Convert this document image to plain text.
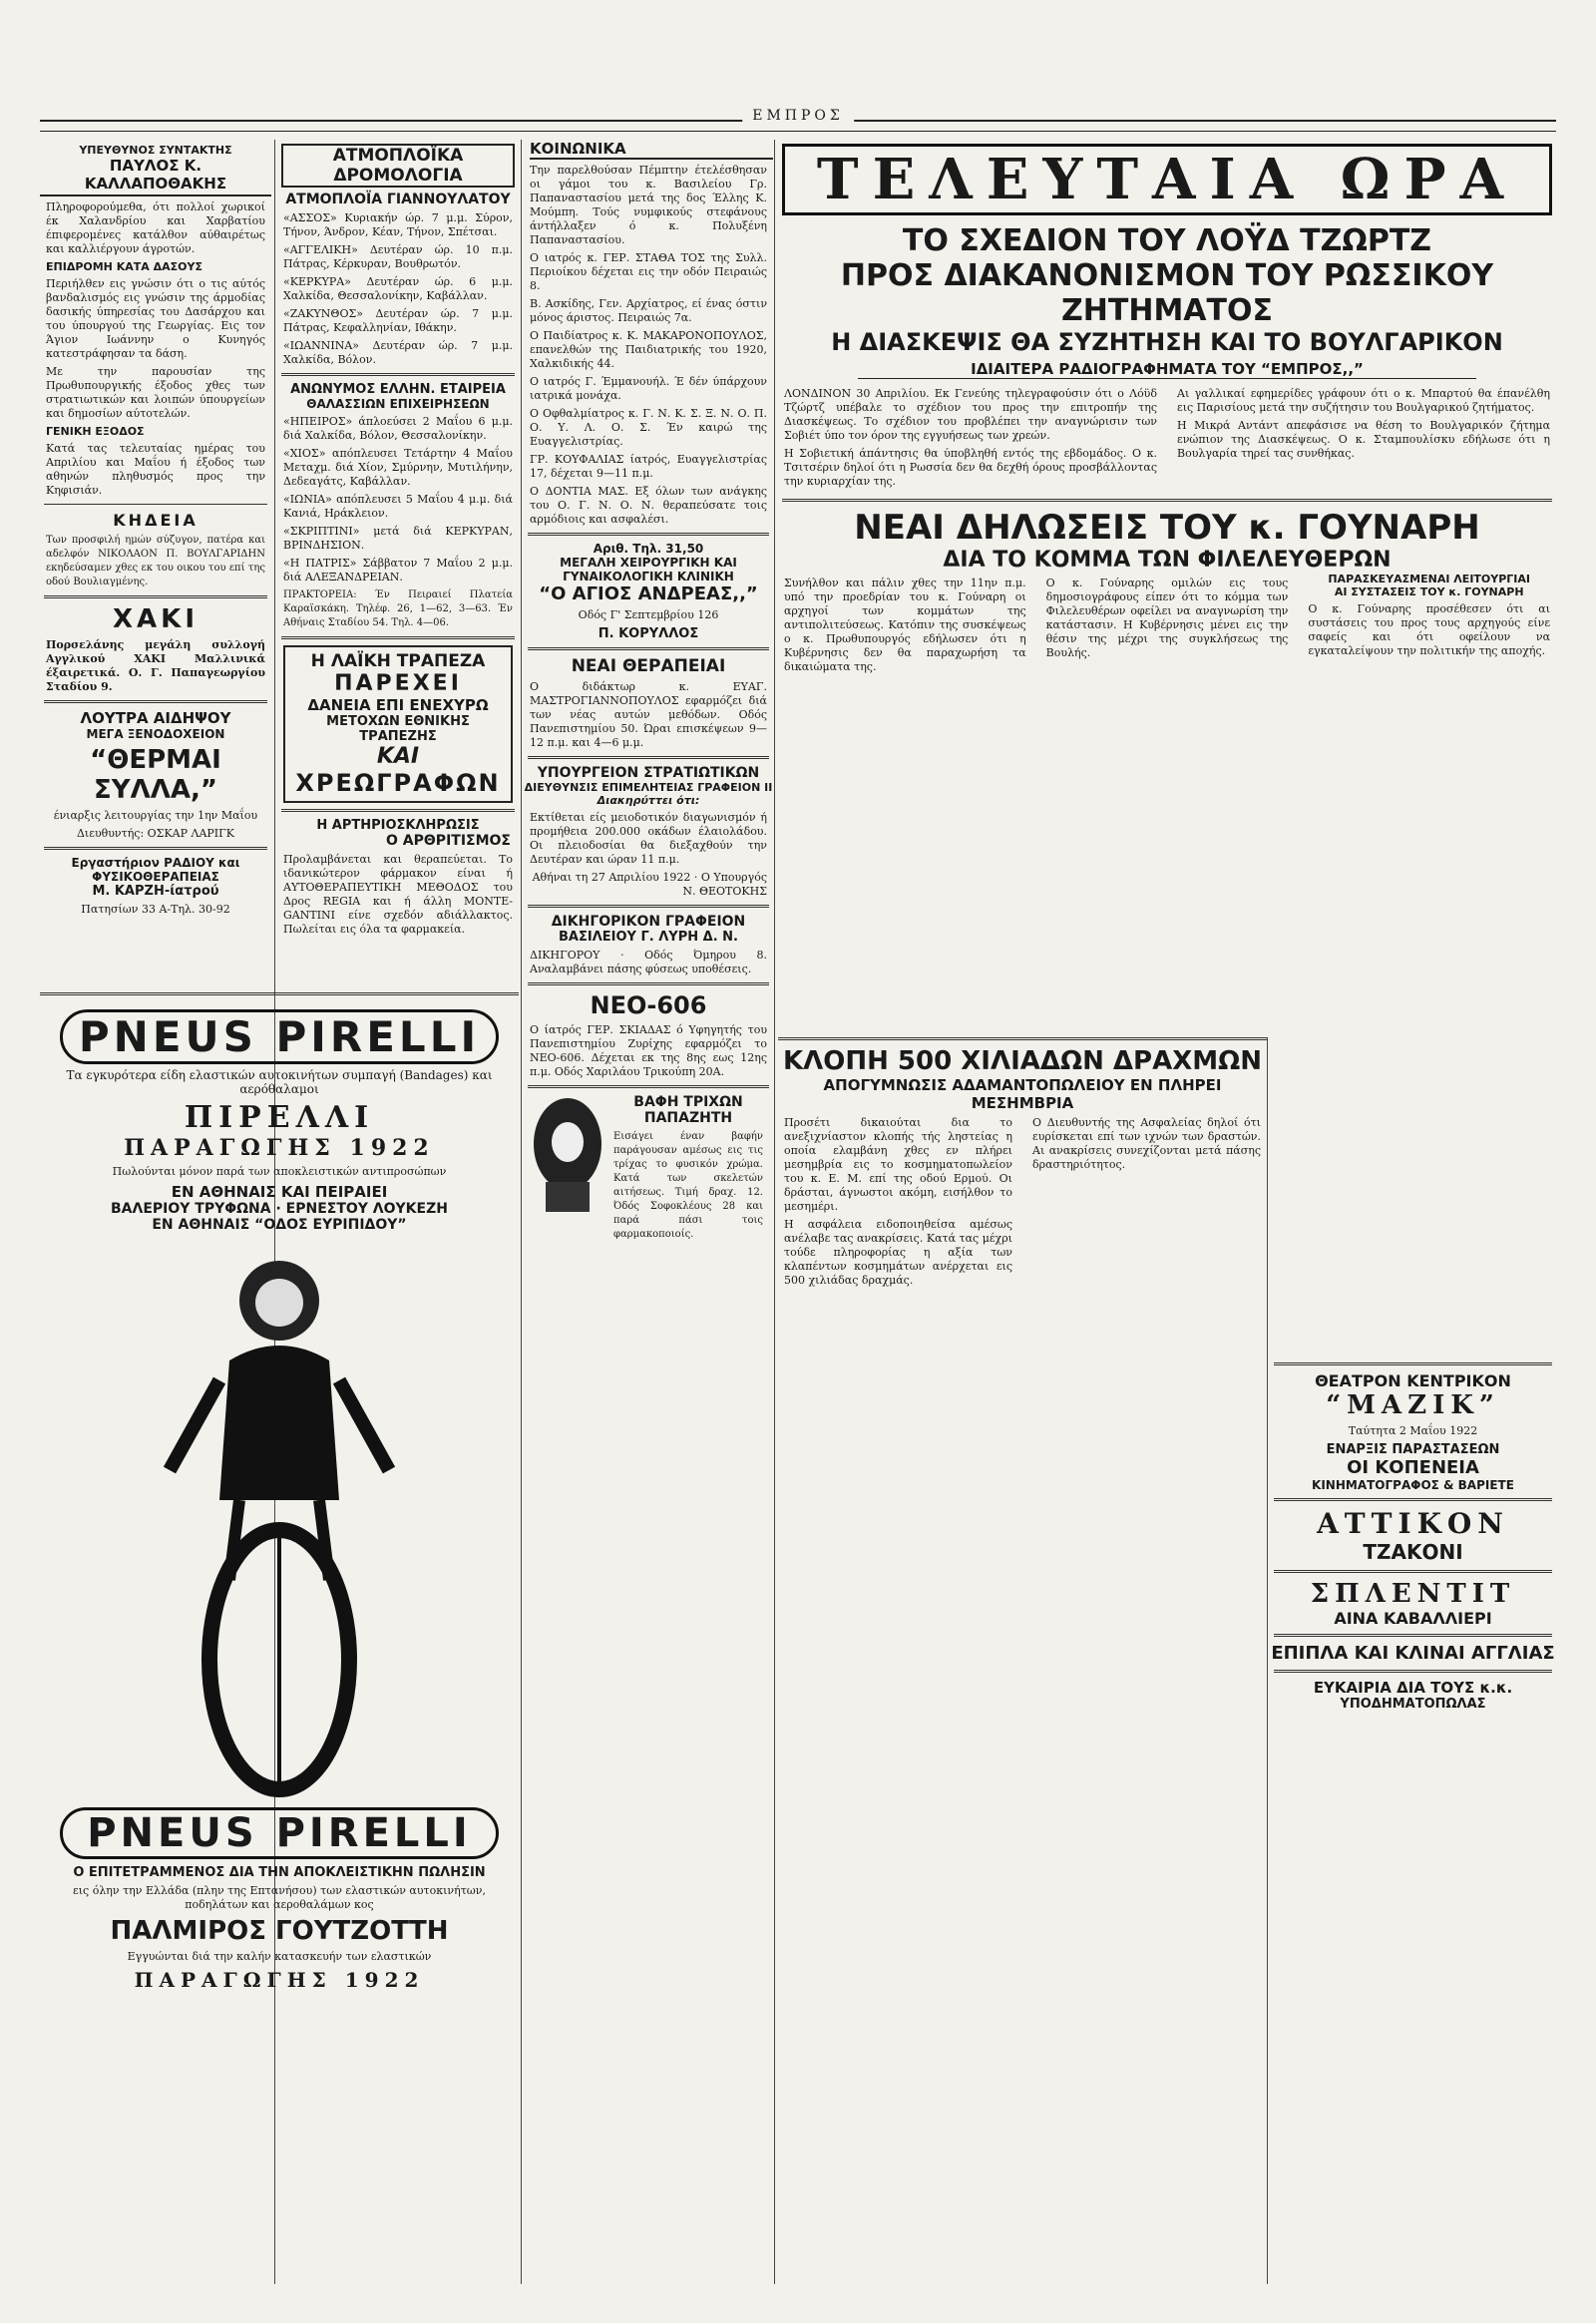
ΕΜΠΡΟΣ
ΥΠΕΥΘΥΝΟΣ ΣΥΝΤΑΚΤΗΣ
ΠΑΥΛΟΣ Κ. ΚΑΛΛΑΠΟΘΑΚΗΣ
Πληροφορούμεθα, ότι πολλοί χωρικοί έκ Χαλανδρίου και Χαρβατίου έπιφερομένες κατάλθον αύθαιρέτως και καλλιέργουν άγροτών.
ΕΠΙΔΡΟΜΗ ΚΑΤΑ ΔΑΣΟΥΣ
Περιήλθεν εις γνώσιν ότι ο τις αύτός βανδαλισμός εις γνώσιν της άρμοδίας δασικής ύπηρεσίας του Δασάρχου και του ύπουργού της Γεωργίας. Εις τον Άγιον Ιωάννην ο Κυνηγός κατεστράφησαν τα δάση.
Με την παρουσίαν της Πρωθυπουργικής έξοδος χθες των στρατιωτικών και λοιπών ύπουργείων και δημοσίων αύτοτελών.
ΓΕΝΙΚΗ ΕΞΟΔΟΣ
Κατά τας τελευταίας ημέρας του Απριλίου και Μαΐου ή έξοδος των αθηνών πληθυσμός προς την Κηφισιάν.
ΚΗΔΕΙΑ
Των προσφιλή ημών σύζυγον, πατέρα και αδελφόν ΝΙΚΟΛΑΟΝ Π. ΒΟΥΛΓΑΡΙΔΗΝ εκηδεύσαμεν χθες εκ του οικου του επί της οδού Βουλιαγμένης.
ΧΑΚΙ
Πορσελάνης μεγάλη συλλογή Αγγλικού ΧΑΚΙ Μαλλινικά έξαιρετικά. Ο. Γ. Παπαγεωργίου Σταδίου 9.
ΛΟΥΤΡΑ ΑΙΔΗΨΟΥ
ΜΕΓΑ ΞΕΝΟΔΟΧΕΙΟΝ
“ΘΕΡΜΑΙ ΣΥΛΛΑ,”
ένιαρξις λειτουργίας την 1ην Μαΐου
Διευθυντής: ΟΣΚΑΡ ΛΑΡΙΓΚ
Εργαστήριον ΡΑΔΙΟΥ και ΦΥΣΙΚΟΘΕΡΑΠΕΙΑΣ
Μ. ΚΑΡΖΗ-ίατρού
Πατησίων 33 Α-Τηλ. 30-92
ΑΤΜΟΠΛΟΪΚΑ ΔΡΟΜΟΛΟΓΙΑ
ΑΤΜΟΠΛΟΪΑ ΓΙΑΝΝΟΥΛΑΤΟΥ
«ΑΣΣΟΣ» Κυριακήν ώρ. 7 μ.μ. Σύρον, Τήνον, Άνδρον, Κέαν, Τήνον, Σπέτσαι.
«ΑΓΓΕΛΙΚΗ» Δευτέραν ώρ. 10 π.μ. Πάτρας, Κέρκυραν, Βουθρωτόν.
«ΚΕΡΚΥΡΑ» Δευτέραν ώρ. 6 μ.μ. Χαλκίδα, Θεσσαλονίκην, Καβάλλαν.
«ΖΑΚΥΝΘΟΣ» Δευτέραν ώρ. 7 μ.μ. Πάτρας, Κεφαλληνίαν, Ιθάκην.
«ΙΩΑΝΝΙΝΑ» Δευτέραν ώρ. 7 μ.μ. Χαλκίδα, Βόλον.
ΑΝΩΝΥΜΟΣ ΕΛΛΗΝ. ΕΤΑΙΡΕΙΑ
ΘΑΛΑΣΣΙΩΝ ΕΠΙΧΕΙΡΗΣΕΩΝ
«ΗΠΕΙΡΟΣ» άπλοεύσει 2 Μαΐου 6 μ.μ. διά Χαλκίδα, Βόλον, Θεσσαλονίκην.
«ΧΙΟΣ» απόπλευσει Τετάρτην 4 Μαΐου Μεταχμ. διά Χίον, Σμύρνην, Μυτιλήνην, Δεδεαγάτς, Καβάλλαν.
«ΙΩΝΙΑ» απόπλευσει 5 Μαΐου 4 μ.μ. διά Κανιά, Ηράκλειον.
«ΣΚΡΙΠΤΙΝΙ» μετά διά ΚΕΡΚΥΡΑΝ, ΒΡΙΝΔΗΣΙΟΝ.
«Η ΠΑΤΡΙΣ» Σάββατον 7 Μαΐου 2 μ.μ. διά ΑΛΕΞΑΝΔΡΕΙΑΝ.
ΠΡΑΚΤΟΡΕΙΑ: Έν Πειραιεί Πλατεία Καραϊσκάκη. Τηλέφ. 26, 1—62, 3—63. Έν Αθήναις Σταδίου 54. Τηλ. 4—06.
Η ΛΑΪΚΗ ΤΡΑΠΕΖΑ
ΠΑΡΕΧΕΙ
ΔΑΝΕΙΑ ΕΠΙ ΕΝΕΧΥΡΩ
ΜΕΤΟΧΩΝ ΕΘΝΙΚΗΣ ΤΡΑΠΕΖΗΣ
ΚΑΙ
ΧΡΕΩΓΡΑΦΩΝ
Η ΑΡΤΗΡΙΟΣΚΛΗΡΩΣΙΣ
Ο ΑΡΘΡΙΤΙΣΜΟΣ
Προλαμβάνεται και θεραπεύεται. Το ιδανικώτερον φάρμακον είναι ή ΑΥΤΟΘΕΡΑΠΕΥΤΙΚΗ ΜΕΘΟΔΟΣ του Δρος REGIA και ή άλλη ΜΟΝΤΕ-GANTINI είνε σχεδόν αδιάλλακτος. Πωλείται εις όλα τα φαρμακεία.
ΚΟΙΝΩΝΙΚΑ
Την παρελθούσαν Πέμπτην έτελέσθησαν οι γάμοι του κ. Βασιλείου Γρ. Παπαναστασίου μετά της δος Έλλης Κ. Μούμπη. Τούς νυμφικούς στεφάνους άντήλλαξεν ό κ. Πολυξένη Παπαναστασίου.
Ο ιατρός κ. ΓΕΡ. ΣΤΑΘΑ ΤΟΣ της Συλλ. Περιοίκου δέχεται εις την οδόν Πειραιώς 8.
Β. Ασκίδης, Γεν. Αρχίατρος, εί ένας όστιν μόνος άριστος. Πειραιώς 7α.
Ο Παιδίατρος κ. Κ. ΜΑΚΑΡΟΝΟΠΟΥΛΟΣ, επανελθών της Παιδιατρικής του 1920, Χαλκιδικής 44.
Ο ιατρός Γ. Έμμανουήλ. Έ δέν ύπάρχουν ιατρικά μονάχα.
Ο Οφθαλμίατρος κ. Γ. Ν. Κ. Σ. Ξ. Ν. Ο. Π. Ο. Υ. Λ. Ο. Σ. Έν καιρώ της Ευαγγελιστρίας.
ΓΡ. ΚΟΥΦΑΛΙΑΣ ίατρός, Ευαγγελιστρίας 17, δέχεται 9—11 π.μ.
Ο ΔΟΝΤΙΑ ΜΑΣ. Εξ όλων των ανάγκης του Ο. Γ. Ν. Ο. Ν. θεραπεύσατε τοις αρμόδιοις και ασφαλέσι.
Αριθ. Τηλ. 31,50
ΜΕΓΑΛΗ ΧΕΙΡΟΥΡΓΙΚΗ ΚΑΙ ΓΥΝΑΙΚΟΛΟΓΙΚΗ ΚΛΙΝΙΚΗ
“Ο ΑΓΙΟΣ ΑΝΔΡΕΑΣ,,”
Οδός Γ' Σεπτεμβρίου 126
Π. ΚΟΡΥΛΛΟΣ
ΝΕΑΙ ΘΕΡΑΠΕΙΑΙ
Ο διδάκτωρ κ. ΕΥΑΓ. ΜΑΣΤΡΟΓΙΑΝΝΟΠΟΥΛΟΣ εφαρμόζει διά των νέας αυτών μεθόδων. Οδός Πανεπιστημίου 50. Ώραι επισκέψεων 9—12 π.μ. και 4—6 μ.μ.
ΥΠΟΥΡΓΕΙΟΝ ΣΤΡΑΤΙΩΤΙΚΩΝ
ΔΙΕΥΘΥΝΣΙΣ ΕΠΙΜΕΛΗΤΕΙΑΣ ΓΡΑΦΕΙΟΝ II
Διακηρύττει ότι:
Εκτίθεται είς μειοδοτικόν διαγωνισμόν ή προμήθεια 200.000 οκάδων έλαιολάδου. Οι πλειοδοσίαι θα διεξαχθούν την Δευτέραν και ώραν 11 π.μ.
Αθήναι τη 27 Απριλίου 1922 · Ο Υπουργός Ν. ΘΕΟΤΟΚΗΣ
ΔΙΚΗΓΟΡΙΚΟΝ ΓΡΑΦΕΙΟΝ
ΒΑΣΙΛΕΙΟΥ Γ. ΛΥΡΗ Δ. Ν.
ΔΙΚΗΓΟΡΟΥ · Οδός Όμηρου 8. Αναλαμβάνει πάσης φύσεως υποθέσεις.
ΝΕΟ-606
Ο ίατρός ΓΕΡ. ΣΚΙΑΔΑΣ ό Υφηγητής του Πανεπιστημίου Ζυρίχης εφαρμόζει το ΝΕΟ-606. Δέχεται εκ της 8ης εως 12ης π.μ. Οδός Χαριλάου Τρικούπη 20Α.
ΒΑΦΗ ΤΡΙΧΩΝ ΠΑΠΑΖΗΤΗ
Εισάγει έναν βαφήν παράγουσαν αμέσως εις τις τρίχας το φυσικόν χρώμα. Κατά των σκελετών αιτήσεως. Τιμή δραχ. 12. Όδός Σοφοκλέους 28 και παρά πάσι τοις φαρμακοποιοίς.
PNEUS PIRELLI
Τα εγκυρότερα είδη ελαστικών αυτοκινήτων συμπαγή (Bandages) και αερόθαλαμοι
ΠΙΡΕΛΛΙ
ΠΑΡΑΓΩΓΗΣ 1922
Πωλούνται μόνον παρά των αποκλειστικών αντιπροσώπων
ΕΝ ΑΘΗΝΑΙΣ ΚΑΙ ΠΕΙΡΑΙΕΙ
ΒΑΛΕΡΙΟΥ ΤΡΥΦΩΝΑ · ΕΡΝΕΣΤΟΥ ΛΟΥΚΕΖΗ
ΕΝ ΑΘΗΝΑΙΣ “ΟΔΟΣ ΕΥΡΙΠΙΔΟΥ”
PNEUS PIRELLI
Ο ΕΠΙΤΕΤΡΑΜΜΕΝΟΣ ΔΙΑ ΤΗΝ ΑΠΟΚΛΕΙΣΤΙΚΗΝ ΠΩΛΗΣΙΝ
εις όλην την Ελλάδα (πλην της Επτανήσου) των ελαστικών αυτοκινήτων, ποδηλάτων και αεροθαλάμων κος
ΠΑΛΜΙΡΟΣ ΓΟΥΤΖΟΤΤΗ
Εγγυώνται διά την καλήν κατασκευήν των ελαστικών
ΠΑΡΑΓΩΓΗΣ 1922
ΤΕΛΕΥΤΑΙΑ ΩΡΑ
ΤΟ ΣΧΕΔΙΟΝ ΤΟΥ ΛΟΫΔ ΤΖΩΡΤΖ
ΠΡΟΣ ΔΙΑΚΑΝΟΝΙΣΜΟΝ ΤΟΥ ΡΩΣΣΙΚΟΥ ΖΗΤΗΜΑΤΟΣ
Η ΔΙΑΣΚΕΨΙΣ ΘΑ ΣΥΖΗΤΗΣΗ ΚΑΙ ΤΟ ΒΟΥΛΓΑΡΙΚΟΝ
ΙΔΙΑΙΤΕΡΑ ΡΑΔΙΟΓΡΑΦΗΜΑΤΑ ΤΟΥ “ΕΜΠΡΟΣ,,”
ΛΟΝΔΙΝΟΝ 30 Απριλίου. Εκ Γενεύης τηλεγραφούσιν ότι ο Λόϋδ Τζώρτζ υπέβαλε το σχέδιον του προς την επιτροπήν της Διασκέψεως. Το σχέδιον του προβλέπει την αναγνώρισιν των Σοβιέτ ύπο τον όρον της εγγυήσεως των χρεών.
Η Σοβιετική άπάντησις θα ύποβληθή εντός της εβδομάδος. Ο κ. Τσιτσέριν δηλοί ότι η Ρωσσία δεν θα δεχθή όρους προσβάλλοντας την κυριαρχίαν της.
Αι γαλλικαί εφημερίδες γράφουν ότι ο κ. Μπαρτού θα έπανέλθη εις Παρισίους μετά την συζήτησιν του Βουλγαρικού ζητήματος.
Η Μικρά Αντάντ απεφάσισε να θέση το Βουλγαρικόν ζήτημα ενώπιον της Διασκέψεως. Ο κ. Σταμπουλίσκυ εδήλωσε ότι η Βουλγαρία τηρεί τας συνθήκας.
ΝΕΑΙ ΔΗΛΩΣΕΙΣ ΤΟΥ κ. ΓΟΥΝΑΡΗ
ΔΙΑ ΤΟ ΚΟΜΜΑ ΤΩΝ ΦΙΛΕΛΕΥΘΕΡΩΝ
Συνήλθον και πάλιν χθες την 11ην π.μ. υπό την προεδρίαν του κ. Γούναρη οι αρχηγοί των κομμάτων της αντιπολιτεύσεως. Κατόπιν της συσκέψεως ο κ. Πρωθυπουργός εδήλωσεν ότι η Κυβέρνησις δεν θα παραχωρήση τα δικαιώματα της.
Ο κ. Γούναρης ομιλών εις τους δημοσιογράφους είπεν ότι το κόμμα των Φιλελευθέρων οφείλει να αναγνωρίση την κατάστασιν. Η Κυβέρνησις μένει εις την θέσιν της μέχρι της συγκλήσεως της Βουλής.
ΠΑΡΑΣΚΕΥΑΣΜΕΝΑΙ ΛΕΙΤΟΥΡΓΙΑΙ
ΑΙ ΣΥΣΤΑΣΕΙΣ ΤΟΥ κ. ΓΟΥΝΑΡΗ
Ο κ. Γούναρης προσέθεσεν ότι αι συστάσεις του προς τους αρχηγούς είνε σαφείς και ότι οφείλουν να εγκαταλείψουν την πολιτικήν της αποχής.
ΚΛΟΠΗ 500 ΧΙΛΙΑΔΩΝ ΔΡΑΧΜΩΝ
ΑΠΟΓΥΜΝΩΣΙΣ ΑΔΑΜΑΝΤΟΠΩΛΕΙΟΥ ΕΝ ΠΛΗΡΕΙ ΜΕΣΗΜΒΡΙΑ
Προσέτι δικαιούται δια το ανεξιχνίαστον κλοπής τής ληστείας η οποία ελαμβάνη χθες εν πλήρει μεσημβρία εις το κοσμηματοπωλείον του κ. Ε. Μ. επί της οδού Ερμού. Οι δράσται, άγνωστοι ακόμη, εισήλθον το μεσημέρι.
Η ασφάλεια ειδοποιηθείσα αμέσως ανέλαβε τας ανακρίσεις. Κατά τας μέχρι τούδε πληροφορίας η αξία των κλαπέντων κοσμημάτων ανέρχεται εις 500 χιλιάδας δραχμάς.
Ο Διευθυντής της Ασφαλείας δηλοί ότι ευρίσκεται επί των ιχνών των δραστών. Αι ανακρίσεις συνεχίζονται μετά πάσης δραστηριότητος.
ΘΕΑΤΡΟΝ ΚΕΝΤΡΙΚΟΝ
“ΜΑΖΙΚ”
Ταύτητα 2 Μαΐου 1922
ΕΝΑΡΞΙΣ ΠΑΡΑΣΤΑΣΕΩΝ
ΟΙ ΚΟΠΕΝΕΙΑ
ΚΙΝΗΜΑΤΟΓΡΑΦΟΣ & ΒΑΡΙΕΤΕ
ΑΤΤΙΚΟΝ
ΤΖΑΚΟΝΙ
ΣΠΛΕΝΤΙΤ
ΑΙΝΑ ΚΑΒΑΛΛΙΕΡΙ
ΕΠΙΠΛΑ ΚΑΙ ΚΛΙΝΑΙ ΑΓΓΛΙΑΣ
ΕΥΚΑΙΡΙΑ ΔΙΑ ΤΟΥΣ κ.κ.
ΥΠΟΔΗΜΑΤΟΠΩΛΑΣ
